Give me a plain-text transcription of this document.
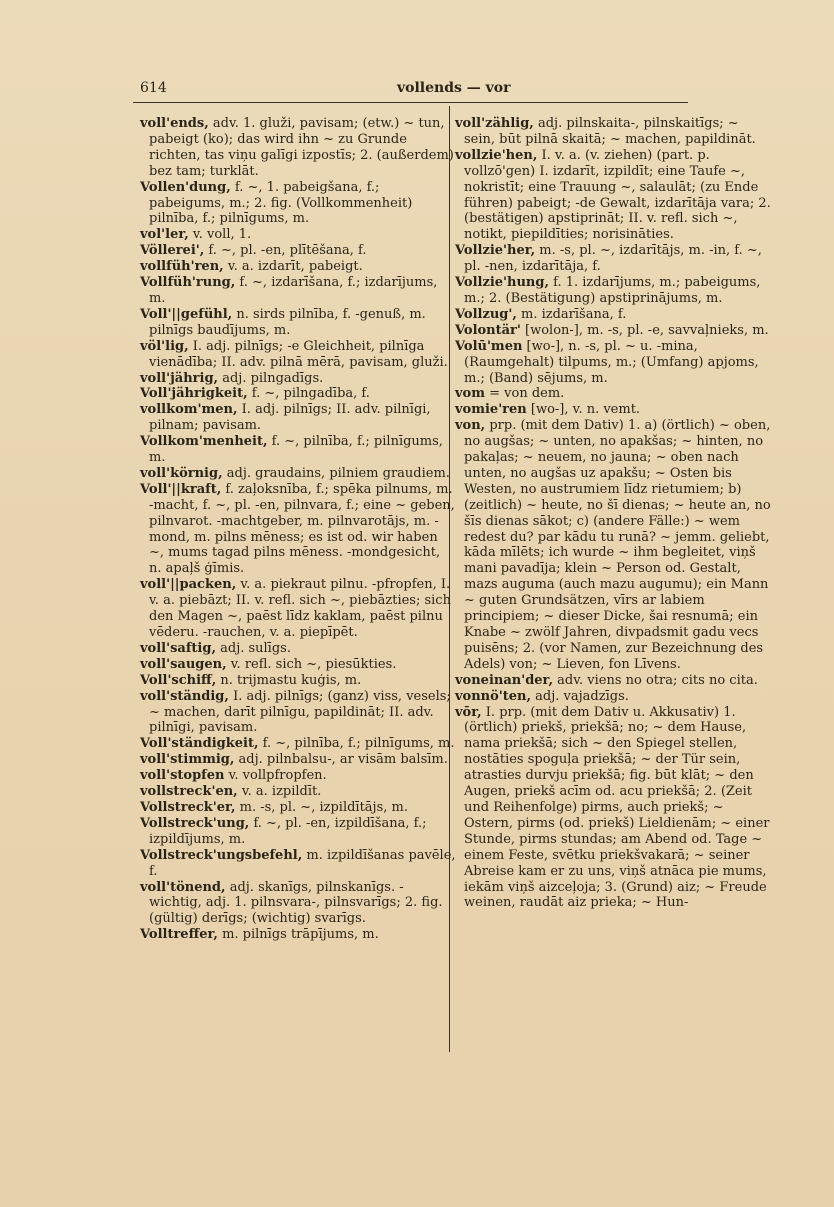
614	vollends — vor

voll'ends, adv. 1. gluži, pavisam; (etw.) ~ tun, pabeigt (ko); das wird ihn ~ zu Grunde richten, tas viņu galīgi izpostīs; 2. (außerdem) bez tam; turklāt.

Vollen'dung, f. ~, 1. pabeigšana, f.; pabeigums, m.; 2. fig. (Vollkommenheit) pilnība, f.; pilnīgums, m.

vol'ler, v. voll, 1.

Völlerei', f. ~, pl. -en, plītēšana, f.

vollfüh'ren, v. a. izdarīt, pabeigt.

Vollfüh'rung, f. ~, izdarīšana, f.; izdarījums, m.

Voll'||gefühl, n. sirds pilnība, f. -genuß, m. pilnīgs baudījums, m.

völ'lig, I. adj. pilnīgs; -e Gleichheit, pilnīga vienādība; II. adv. pilnā mērā, pavisam, gluži.

voll'jährig, adj. pilngadīgs.

Voll'jährigkeit, f. ~, pilngadība, f.

vollkom'men, I. adj. pilnīgs; II. adv. pilnīgi, pilnam; pavisam.

Vollkom'menheit, f. ~, pilnība, f.; pilnīgums, m.

voll'körnig, adj. graudains, pilniem graudiem.

Voll'||kraft, f. zaļoksnība, f.; spēka pilnums, m. -macht, f. ~, pl. -en, pilnvara, f.; eine ~ geben, pilnvarot. -machtgeber, m. pilnvarotājs, m. -mond, m. pilns mēness; es ist od. wir haben ~, mums tagad pilns mēness. -mondgesicht, n. apaļš ģīmis.

voll'||packen, v. a. piekraut pilnu. -pfropfen, I. v. a. piebāzt; II. v. refl. sich ~, piebāzties; sich den Magen ~, paēst līdz kaklam, paēst pilnu vēderu. -rauchen, v. a. piepīpēt.

voll'saftig, adj. sulīgs.

voll'saugen, v. refl. sich ~, piesūkties.

Voll'schiff, n. trijmastu kuģis, m.

voll'ständig, I. adj. pilnīgs; (ganz) viss, vesels; ~ machen, darīt pilnīgu, papildināt; II. adv. pilnīgi, pavisam.

Voll'ständigkeit, f. ~, pilnība, f.; pilnīgums, m.

voll'stimmig, adj. pilnbalsu-, ar visām balsīm.

voll'stopfen v. vollpfropfen.

vollstreck'en, v. a. izpildīt.

Vollstreck'er, m. -s, pl. ~, izpildītājs, m.

Vollstreck'ung, f. ~, pl. -en, izpildīšana, f.; izpildījums, m.

Vollstreck'ungsbefehl, m. izpildīšanas pavēle, f.

voll'tönend, adj. skanīgs, pilnskanīgs. -wichtig, adj. 1. pilnsvara-, pilnsvarīgs; 2. fig. (gültig) derīgs; (wichtig) svarīgs.

Volltreffer, m. pilnīgs trāpījums, m.

voll'zählig, adj. pilnskaita-, pilnskaitīgs; ~ sein, būt pilnā skaitā; ~ machen, papildināt.

vollzie'hen, I. v. a. (v. ziehen) (part. p. vollzō'gen) I. izdarīt, izpildīt; eine Taufe ~, nokristīt; eine Trauung ~, salaulāt; (zu Ende führen) pabeigt; -de Gewalt, izdarītāja vara; 2. (bestätigen) apstiprināt; II. v. refl. sich ~, notikt, piepildīties; norisināties.

Vollzie'her, m. -s, pl. ~, izdarītājs, m. -in, f. ~, pl. -nen, izdarītāja, f.

Vollzie'hung, f. 1. izdarījums, m.; pabeigums, m.; 2. (Bestätigung) apstiprinājums, m.

Vollzug', m. izdarīšana, f.

Volontär' [wolon-], m. -s, pl. -e, savvaļnieks, m.

Volū'men [wo-], n. -s, pl. ~ u. -mina, (Raumgehalt) tilpums, m.; (Umfang) apjoms, m.; (Band) sējums, m.

vom = von dem.

vomie'ren [wo-], v. n. vemt.

von, prp. (mit dem Dativ) 1. a) (örtlich) ~ oben, no augšas; ~ unten, no apakšas; ~ hinten, no pakaļas; ~ neuem, no jauna; ~ oben nach unten, no augšas uz apakšu; ~ Osten bis Westen, no austrumiem līdz rietumiem; b) (zeitlich) ~ heute, no šī dienas; ~ heute an, no šīs dienas sākot; c) (andere Fälle:) ~ wem redest du? par kādu tu runā? ~ jemm. geliebt, kāda mīlēts; ich wurde ~ ihm begleitet, viņš mani pavadīja; klein ~ Person od. Gestalt, mazs auguma (auch mazu augumu); ein Mann ~ guten Grundsätzen, vīrs ar labiem principiem; ~ dieser Dicke, šai resnumā; ein Knabe ~ zwölf Jahren, divpadsmit gadu vecs puisēns; 2. (vor Namen, zur Bezeichnung des Adels) von; ~ Lieven, fon Līvens.

voneinan'der, adv. viens no otra; cits no cita.

vonnö'ten, adj. vajadzīgs.

vōr, I. prp. (mit dem Dativ u. Akkusativ) 1. (örtlich) priekš, priekšā; no; ~ dem Hause, nama priekšā; sich ~ den Spiegel stellen, nostāties spoguļa priekšā; ~ der Tür sein, atrasties durvju priekšā; fig. būt klāt; ~ den Augen, priekš acīm od. acu priekšā; 2. (Zeit und Reihenfolge) pirms, auch priekš; ~ Ostern, pirms (od. priekš) Lieldienām; ~ einer Stunde, pirms stundas; am Abend od. Tage ~ einem Feste, svētku priekšvakarā; ~ seiner Abreise kam er zu uns, viņš atnāca pie mums, iekām viņš aizceļoja; 3. (Grund) aiz; ~ Freude weinen, raudāt aiz prieka; ~ Hun-
